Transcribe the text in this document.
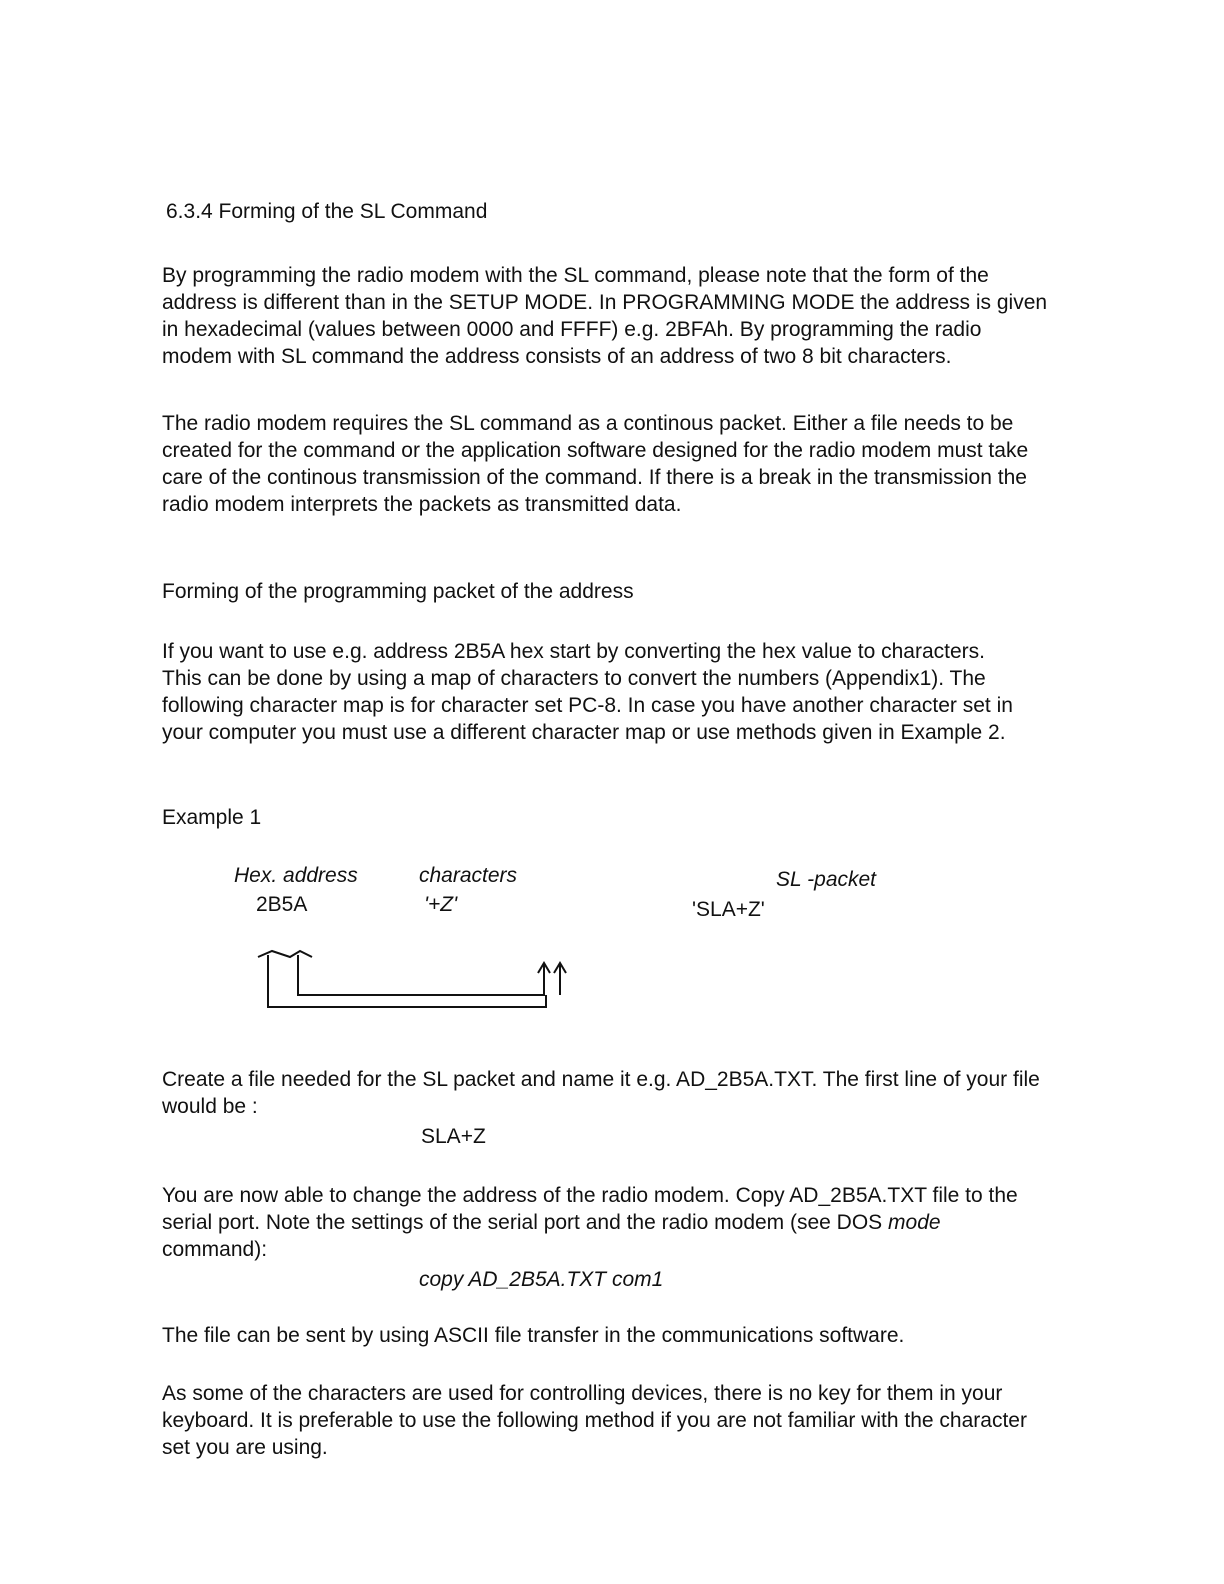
6.3.4 Forming of the SL Command
By programming the radio modem with the SL command, please note that the form of the
address is different than in the SETUP MODE. In PROGRAMMING MODE the address is given
in hexadecimal (values between 0000 and FFFF) e.g. 2BFAh. By programming the radio
modem with SL command the address consists of an address of two 8 bit characters.
The radio modem requires the SL command as a continous packet. Either a file needs to be
created for the command or the application software designed for the radio modem must take
care of the continous transmission of the command. If there is a break in the transmission the
radio modem interprets the packets as transmitted data.
Forming of the programming packet of the address
If you want to use e.g. address 2B5A hex start by converting the hex value to characters.
This can be done by using a map of characters to convert the numbers (Appendix1). The
following character map is for character set PC-8. In case you have another character set in
your computer you must use a different character map or use methods given in Example 2.
Example 1
Hex. address
2B5A
characters
'+Z'
SL -packet
'SLA+Z'
Create a file needed for the SL packet and name it e.g. AD_2B5A.TXT. The first line of your file
would be :
SLA+Z
You are now able to change the address of the radio modem. Copy AD_2B5A.TXT file to the
serial port. Note the settings of the serial port and the radio modem (see DOS mode
command):
copy AD_2B5A.TXT com1
The file can be sent by using ASCII file transfer in the communications software.
As some of the characters are used for controlling devices, there is no key for them in your
keyboard. It is preferable to use the following method if you are not familiar with the character
set you are using.
